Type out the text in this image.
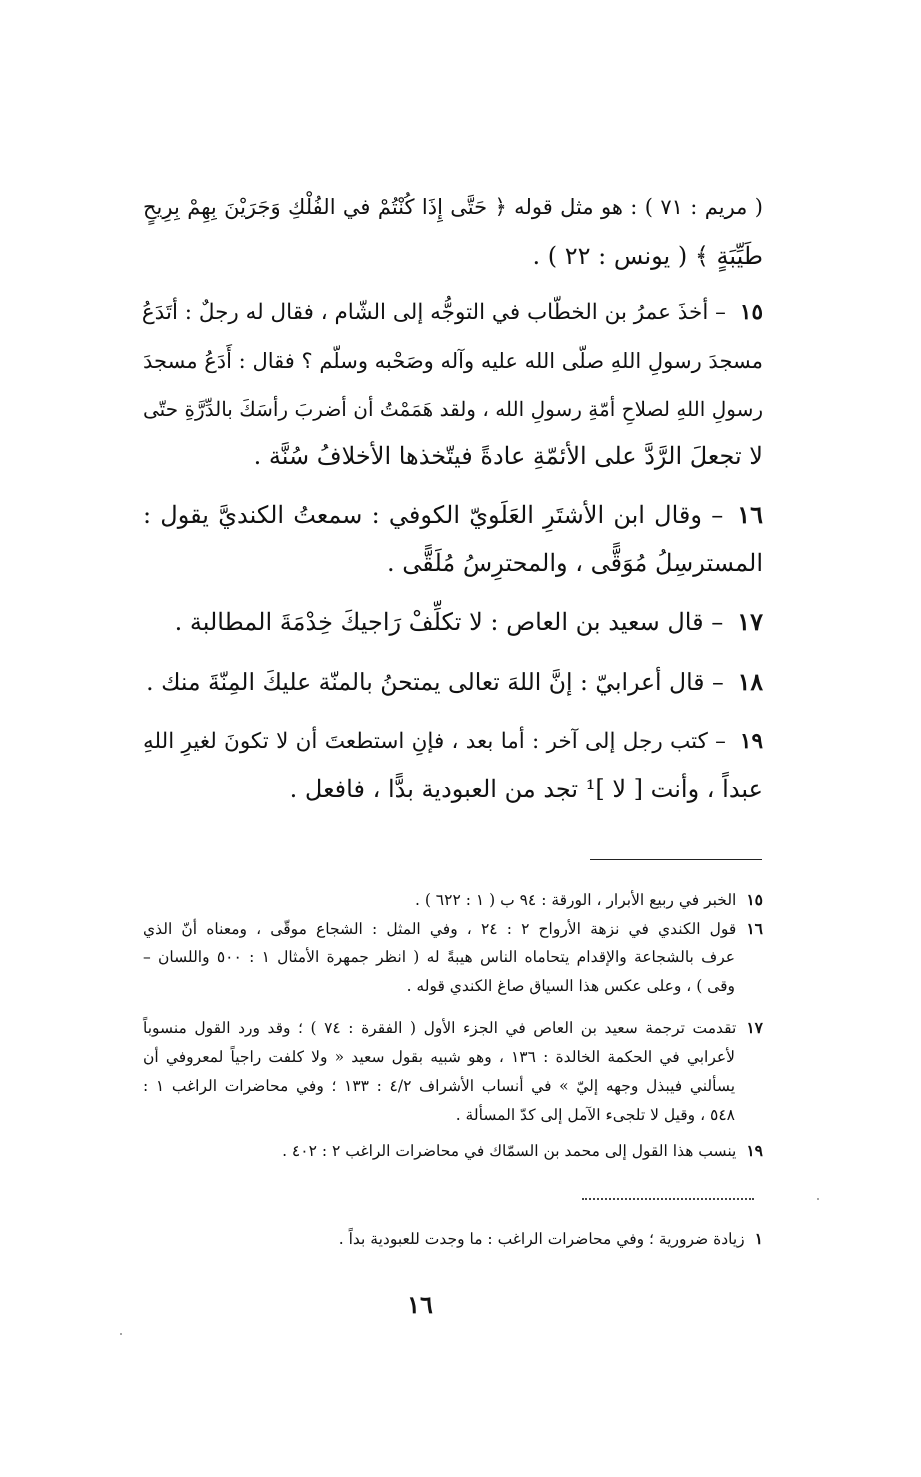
( مريم : ٧١ ) : هو مثل قوله ﴿ حَتَّى إِذَا كُنْتُمْ في الفُلْكِ وَجَرَيْنَ بِهِمْ بِرِيحٍ
طَيِّبَةٍ ﴾ ( يونس : ٢٢ ) .
١٥– أخذَ عمرُ بن الخطّاب في التوجُّه إلى الشّام ، فقال له رجلٌ : أتَدَعُ
مسجدَ رسولِ اللهِ صلّى الله عليه وآله وصَحْبه وسلّم ؟ فقال : أَدَعُ مسجدَ
رسولِ اللهِ لصلاحِ أمّةِ رسولِ الله ، ولقد هَمَمْتُ أن أضربَ رأسَكَ بالدِّرَّةِ حتّى
لا تجعلَ الرَّدَّ على الأئمّةِ عادةً فيتّخذها الأخلافُ سُنَّة .
١٦– وقال ابن الأشتَرِ العَلَويّ الكوفي : سمعتُ الكنديَّ يقول :
المسترسِلُ مُوَقًّى ، والمحترِسُ مُلَقًّى .
١٧– قال سعيد بن العاص : لا تكلِّفْ رَاجيكَ خِدْمَةَ المطالبة .
١٨– قال أعرابيّ : إنَّ اللهَ تعالى يمتحنُ بالمنّة عليكَ المِنّةَ منك .
١٩– كتب رجل إلى آخر : أما بعد ، فإنِ استطعتَ أن لا تكونَ لغيرِ اللهِ
عبداً ، وأنت [ لا ]¹ تجد من العبودية بدًّا ، فافعل .
١٥الخبر في ربيع الأبرار ، الورقة : ٩٤ ب ( ١ : ٦٢٢ ) .
١٦قول الكندي في نزهة الأرواح ٢ : ٢٤ ، وفي المثل : الشجاع موقّى ، ومعناه أنّ الذي
عرف بالشجاعة والإقدام يتحاماه الناس هيبةً له ( انظر جمهرة الأمثال ١ : ٥٠٠ واللسان –
وقى ) ، وعلى عكس هذا السياق صاغ الكندي قوله .
١٧تقدمت ترجمة سعيد بن العاص في الجزء الأول ( الفقرة : ٧٤ ) ؛ وقد ورد القول منسوباً
لأعرابي في الحكمة الخالدة : ١٣٦ ، وهو شبيه بقول سعيد « ولا كلفت راجياً لمعروفي أن
يسألني فيبذل وجهه إليّ » في أنساب الأشراف ٤/٢ : ١٣٣ ؛ وفي محاضرات الراغب ١ :
٥٤٨ ، وقيل لا تلجىء الآمل إلى كدّ المسألة .
١٩ينسب هذا القول إلى محمد بن السمّاك في محاضرات الراغب ٢ : ٤٠٢ .
١زيادة ضرورية ؛ وفي محاضرات الراغب : ما وجدت للعبودية بداً .
١٦
